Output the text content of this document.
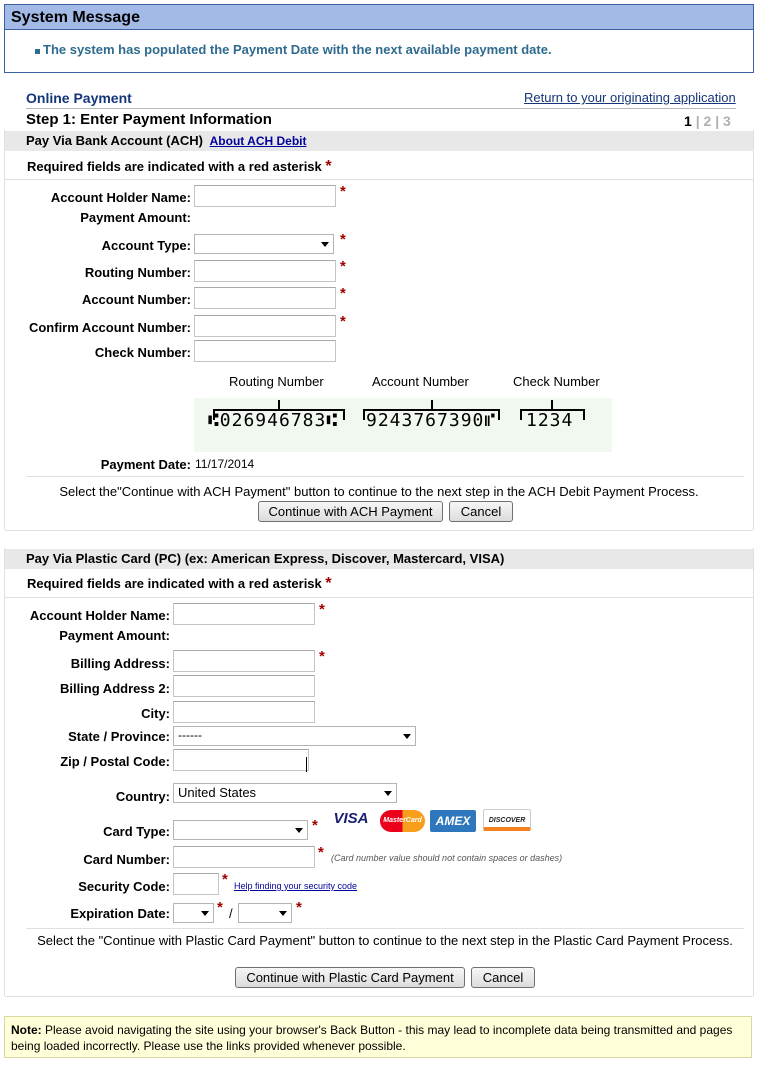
System Message
The system has populated the Payment Date with the next available payment date.
Online Payment	Return to your originating application
Step 1: Enter Payment Information	1 | 2 | 3
Pay Via Bank Account (ACH) About ACH Debit
Required fields are indicated with a red asterisk *
Account Holder Name:	*
Payment Amount:
Account Type:	*
Routing Number:	*
Account Number:	*
Confirm Account Number:	*
Check Number:
Routing Number	Account Number	Check Number
⑆026946783⑆ 9243767390⑈ 1234
Payment Date: 11/17/2014
Select the"Continue with ACH Payment" button to continue to the next step in the ACH Debit Payment Process.
Continue with ACH Payment	Cancel
Pay Via Plastic Card (PC) (ex: American Express, Discover, Mastercard, VISA)
Required fields are indicated with a red asterisk *
Account Holder Name:	*
Payment Amount:
Billing Address:	*
Billing Address 2:
City:
State / Province: ------
Zip / Postal Code:
Country: United States
Card Type:	*	VISA	MasterCard	AMEX	DISCOVER
Card Number:	* (Card number value should not contain spaces or dashes)
Security Code:	* Help finding your security code
Expiration Date:	* /	*
Select the "Continue with Plastic Card Payment" button to continue to the next step in the Plastic Card Payment Process.
Continue with Plastic Card Payment	Cancel
Note: Please avoid navigating the site using your browser's Back Button - this may lead to incomplete data being transmitted and pages being loaded incorrectly. Please use the links provided whenever possible.
